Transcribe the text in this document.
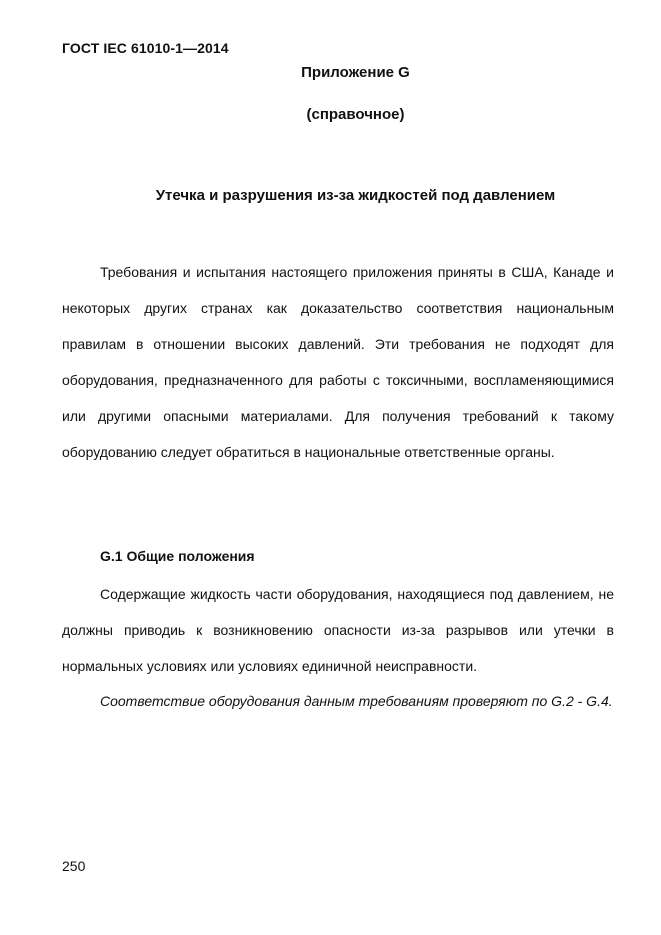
ГОСТ IEC 61010-1—2014
Приложение G
(справочное)
Утечка и разрушения из-за жидкостей под давлением

Требования и испытания настоящего приложения приняты в США, Канаде и некоторых других странах как доказательство соответствия национальным правилам в отношении высоких давлений. Эти требования не подходят для оборудования, предназначенного для работы с токсичными, воспламеняющимися или другими опасными материалами. Для получения требований к такому оборудованию следует обратиться в национальные ответственные органы.

G.1 Общие положения

Содержащие жидкость части оборудования, находящиеся под давлением, не должны приводиь к возникновению опасности из-за разрывов или утечки в нормальных условиях или условиях единичной неисправности.

Соответствие оборудования данным требованиям проверяют по G.2 - G.4.

250
